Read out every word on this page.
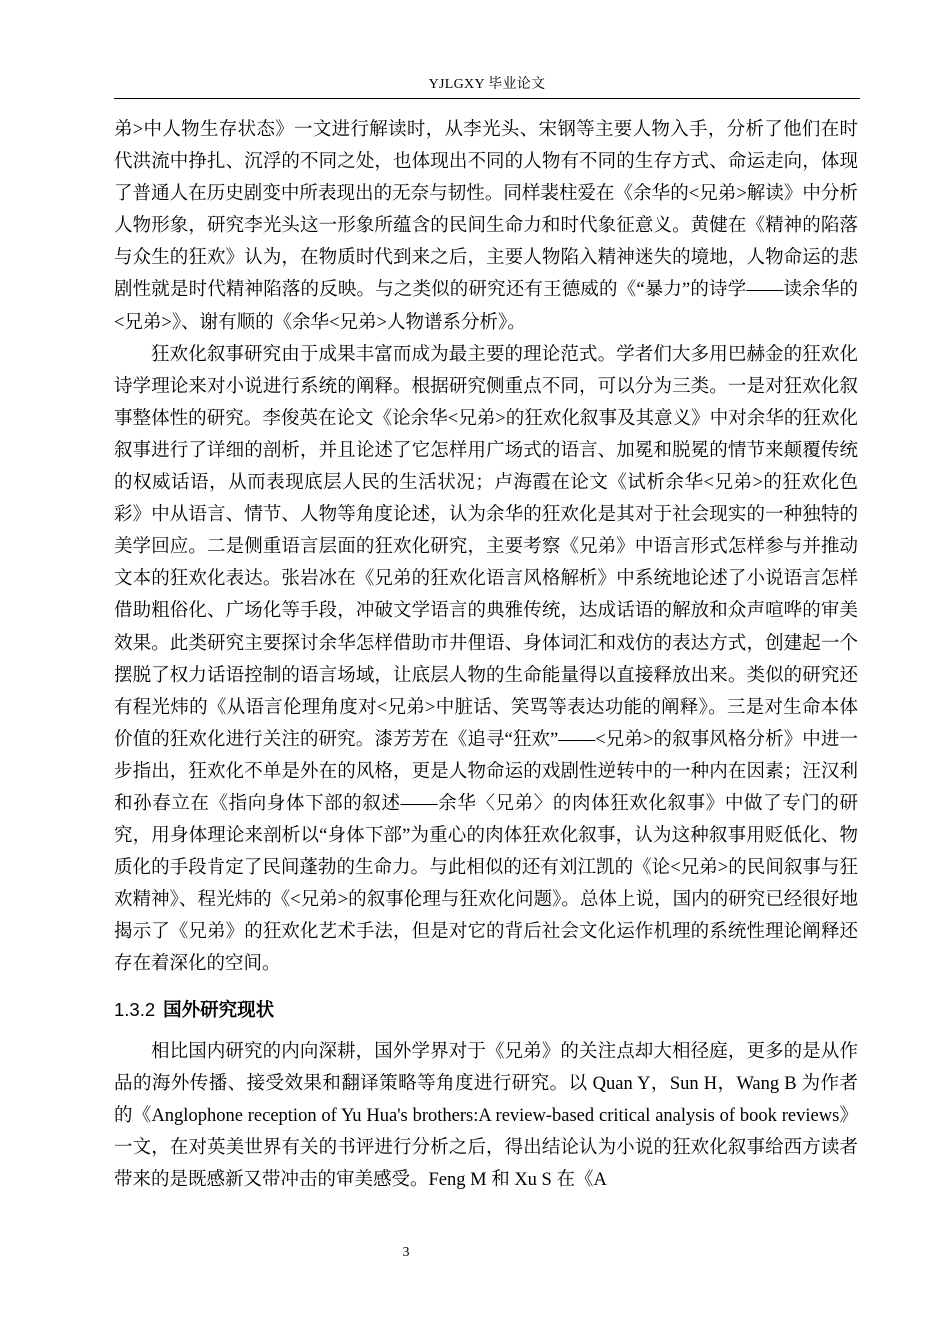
YJLGXY 毕业论文

弟>中人物生存状态》一文进行解读时，从李光头、宋钢等主要人物入手，分析了他们在时代洪流中挣扎、沉浮的不同之处，也体现出不同的人物有不同的生存方式、命运走向，体现了普通人在历史剧变中所表现出的无奈与韧性。同样裴柱爱在《余华的<兄弟>解读》中分析人物形象，研究李光头这一形象所蕴含的民间生命力和时代象征意义。黄健在《精神的陷落与众生的狂欢》认为，在物质时代到来之后，主要人物陷入精神迷失的境地，人物命运的悲剧性就是时代精神陷落的反映。与之类似的研究还有王德威的《“暴力”的诗学——读余华的<兄弟>》、谢有顺的《余华<兄弟>人物谱系分析》。

狂欢化叙事研究由于成果丰富而成为最主要的理论范式。学者们大多用巴赫金的狂欢化诗学理论来对小说进行系统的阐释。根据研究侧重点不同，可以分为三类。一是对狂欢化叙事整体性的研究。李俊英在论文《论余华<兄弟>的狂欢化叙事及其意义》中对余华的狂欢化叙事进行了详细的剖析，并且论述了它怎样用广场式的语言、加冕和脱冕的情节来颠覆传统的权威话语，从而表现底层人民的生活状况；卢海霞在论文《试析余华<兄弟>的狂欢化色彩》中从语言、情节、人物等角度论述，认为余华的狂欢化是其对于社会现实的一种独特的美学回应。二是侧重语言层面的狂欢化研究，主要考察《兄弟》中语言形式怎样参与并推动文本的狂欢化表达。张岩冰在《兄弟的狂欢化语言风格解析》中系统地论述了小说语言怎样借助粗俗化、广场化等手段，冲破文学语言的典雅传统，达成话语的解放和众声喧哗的审美效果。此类研究主要探讨余华怎样借助市井俚语、身体词汇和戏仿的表达方式，创建起一个摆脱了权力话语控制的语言场域，让底层人物的生命能量得以直接释放出来。类似的研究还有程光炜的《从语言伦理角度对<兄弟>中脏话、笑骂等表达功能的阐释》。三是对生命本体价值的狂欢化进行关注的研究。漆芳芳在《追寻“狂欢”——<兄弟>的叙事风格分析》中进一步指出，狂欢化不单是外在的风格，更是人物命运的戏剧性逆转中的一种内在因素；汪汉利和孙春立在《指向身体下部的叙述——余华〈兄弟〉的肉体狂欢化叙事》中做了专门的研究，用身体理论来剖析以“身体下部”为重心的肉体狂欢化叙事，认为这种叙事用贬低化、物质化的手段肯定了民间蓬勃的生命力。与此相似的还有刘江凯的《论<兄弟>的民间叙事与狂欢精神》、程光炜的《<兄弟>的叙事伦理与狂欢化问题》。总体上说，国内的研究已经很好地揭示了《兄弟》的狂欢化艺术手法，但是对它的背后社会文化运作机理的系统性理论阐释还存在着深化的空间。

1.3.2 国外研究现状

相比国内研究的内向深耕，国外学界对于《兄弟》的关注点却大相径庭，更多的是从作品的海外传播、接受效果和翻译策略等角度进行研究。以 Quan Y，Sun H，Wang B 为作者的《Anglophone reception of Yu Hua's brothers:A review-based critical analysis of book reviews》一文，在对英美世界有关的书评进行分析之后，得出结论认为小说的狂欢化叙事给西方读者带来的是既感新又带冲击的审美感受。Feng M 和 Xu S 在《A

3
